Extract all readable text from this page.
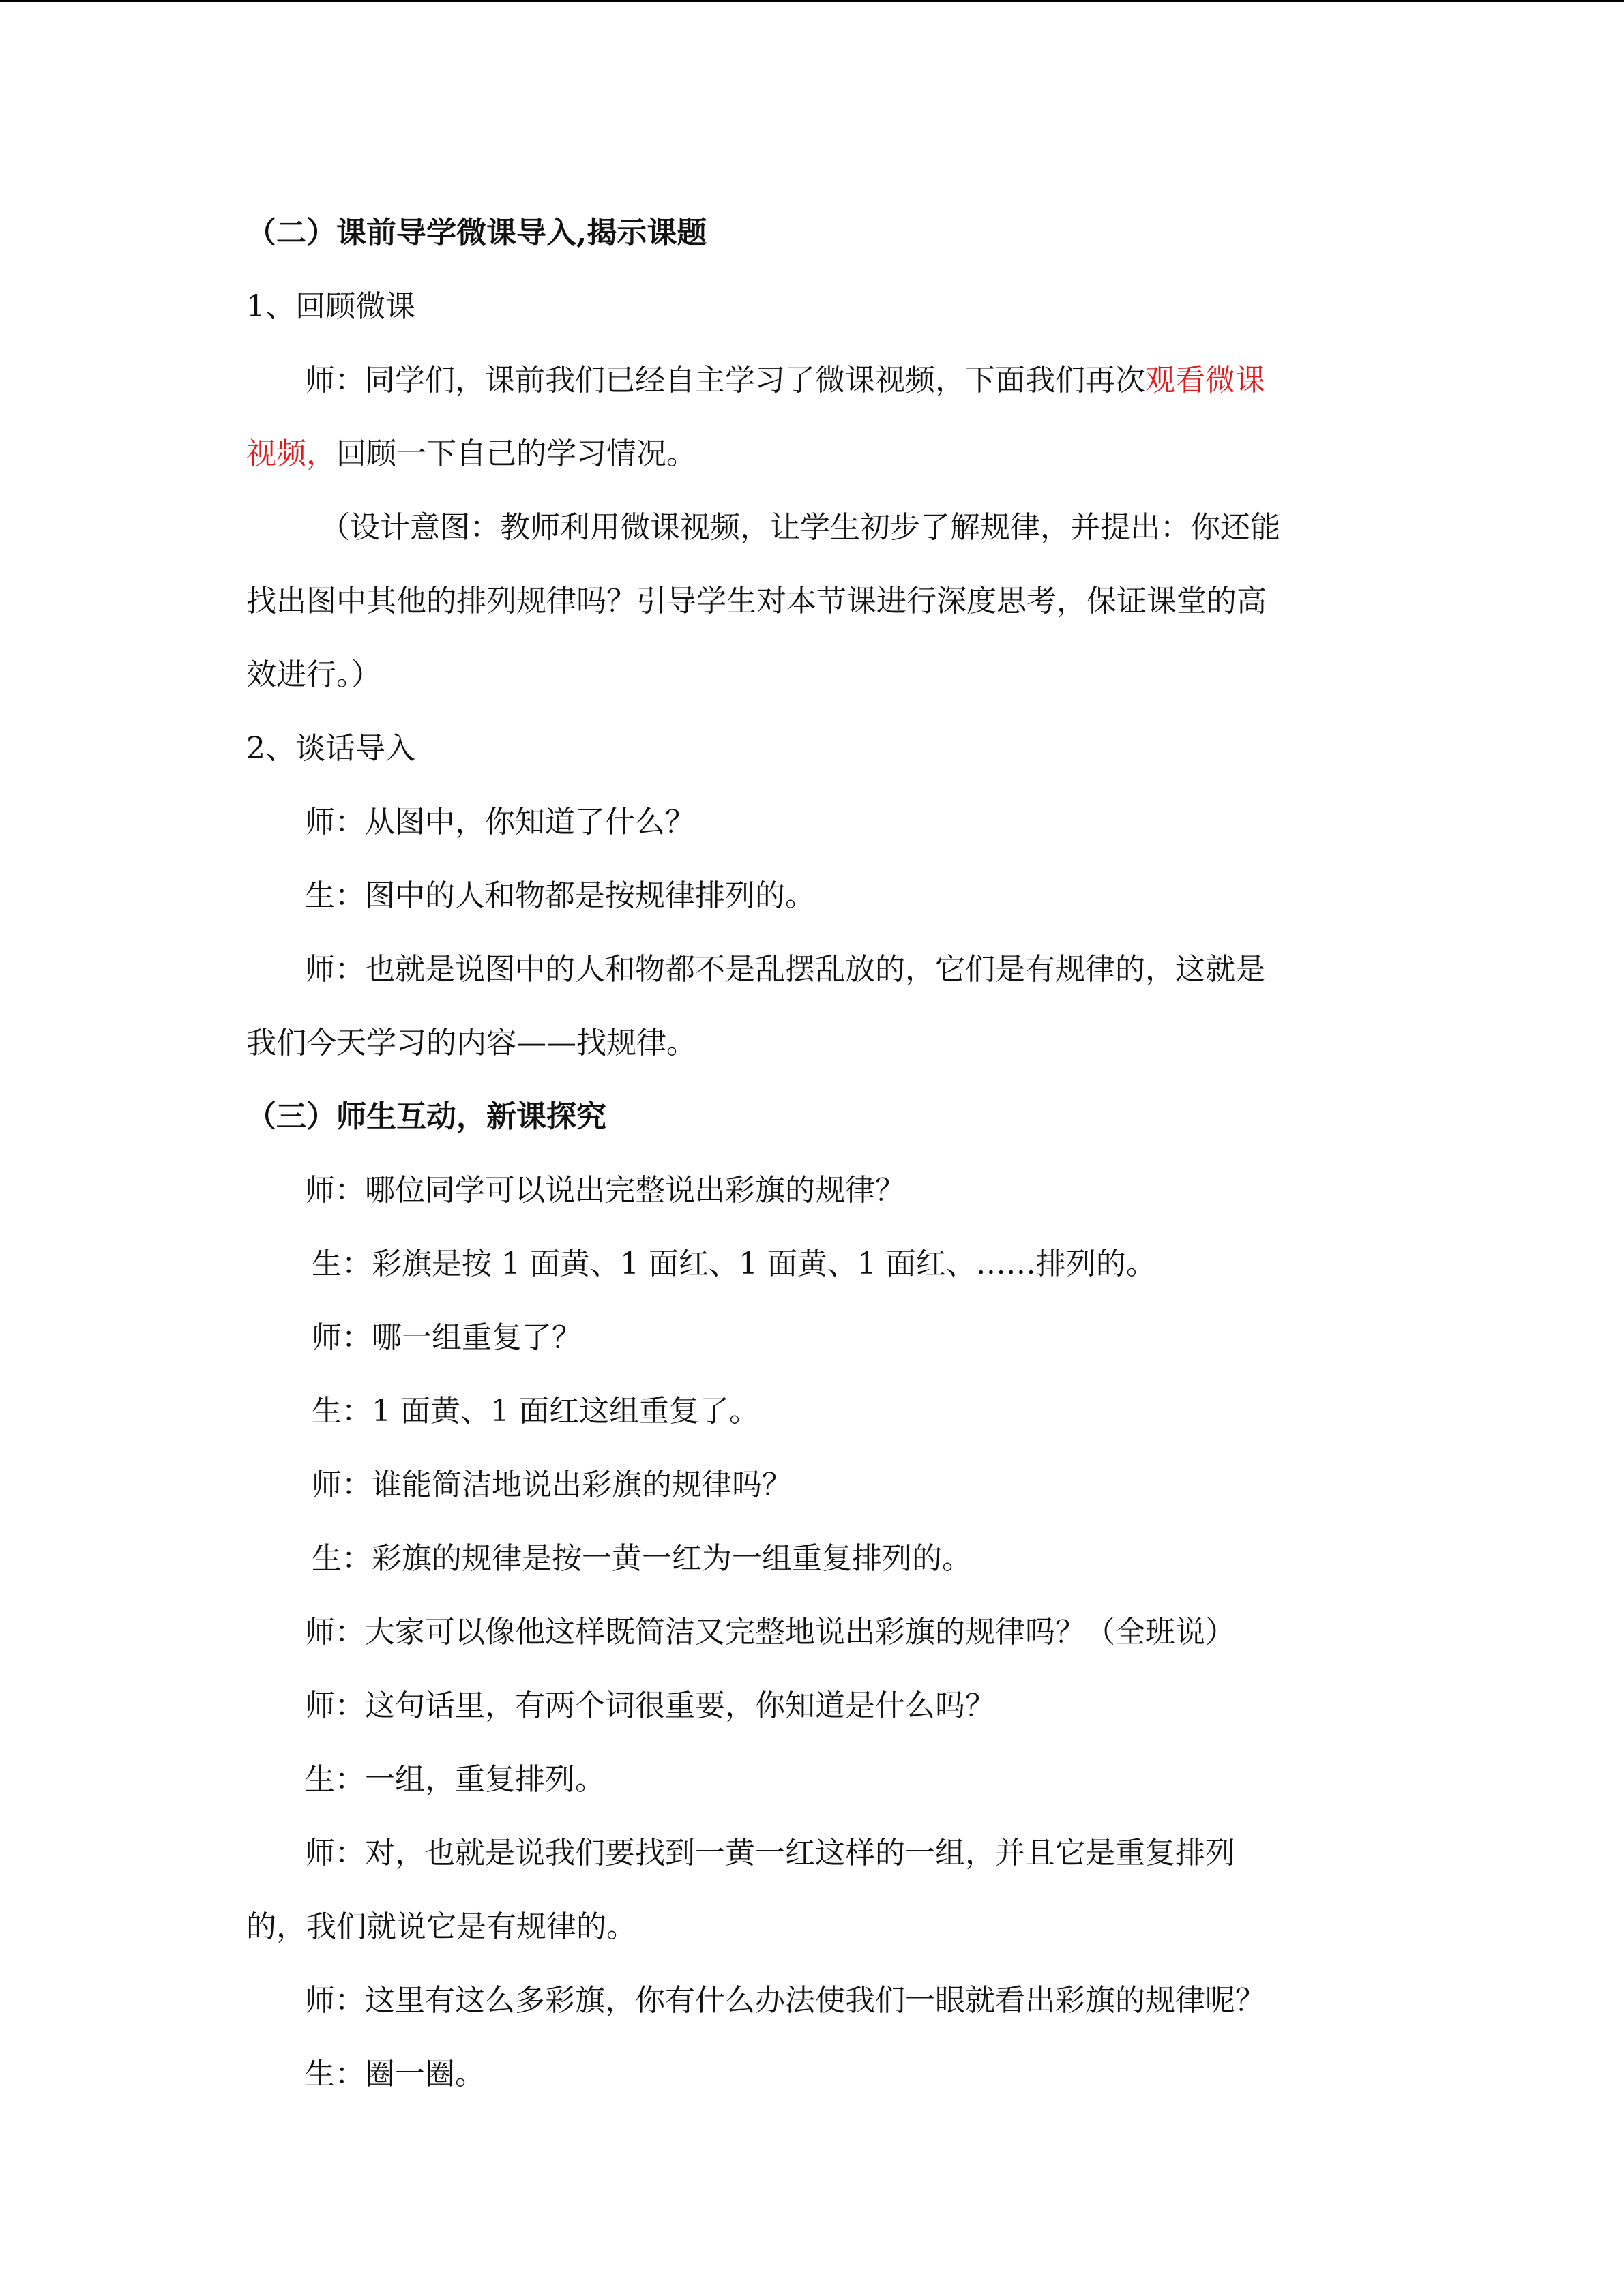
（二）课前导学微课导入,揭示课题
1、回顾微课
师：同学们，课前我们已经自主学习了微课视频，下面我们再次观看微课
视频，回顾一下自己的学习情况。
（设计意图：教师利用微课视频，让学生初步了解规律，并提出：你还能
找出图中其他的排列规律吗？引导学生对本节课进行深度思考，保证课堂的高
效进行。）
2、谈话导入
师：从图中，你知道了什么？
生：图中的人和物都是按规律排列的。
师：也就是说图中的人和物都不是乱摆乱放的，它们是有规律的，这就是
我们今天学习的内容——找规律。
（三）师生互动，新课探究
师：哪位同学可以说出完整说出彩旗的规律？
生：彩旗是按 1 面黄、1 面红、1 面黄、1 面红、……排列的。
师：哪一组重复了？
生：1 面黄、1 面红这组重复了。
师：谁能简洁地说出彩旗的规律吗？
生：彩旗的规律是按一黄一红为一组重复排列的。
师：大家可以像他这样既简洁又完整地说出彩旗的规律吗？（全班说）
师：这句话里，有两个词很重要，你知道是什么吗？
生：一组，重复排列。
师：对，也就是说我们要找到一黄一红这样的一组，并且它是重复排列
的，我们就说它是有规律的。
师：这里有这么多彩旗，你有什么办法使我们一眼就看出彩旗的规律呢？
生：圈一圈。
